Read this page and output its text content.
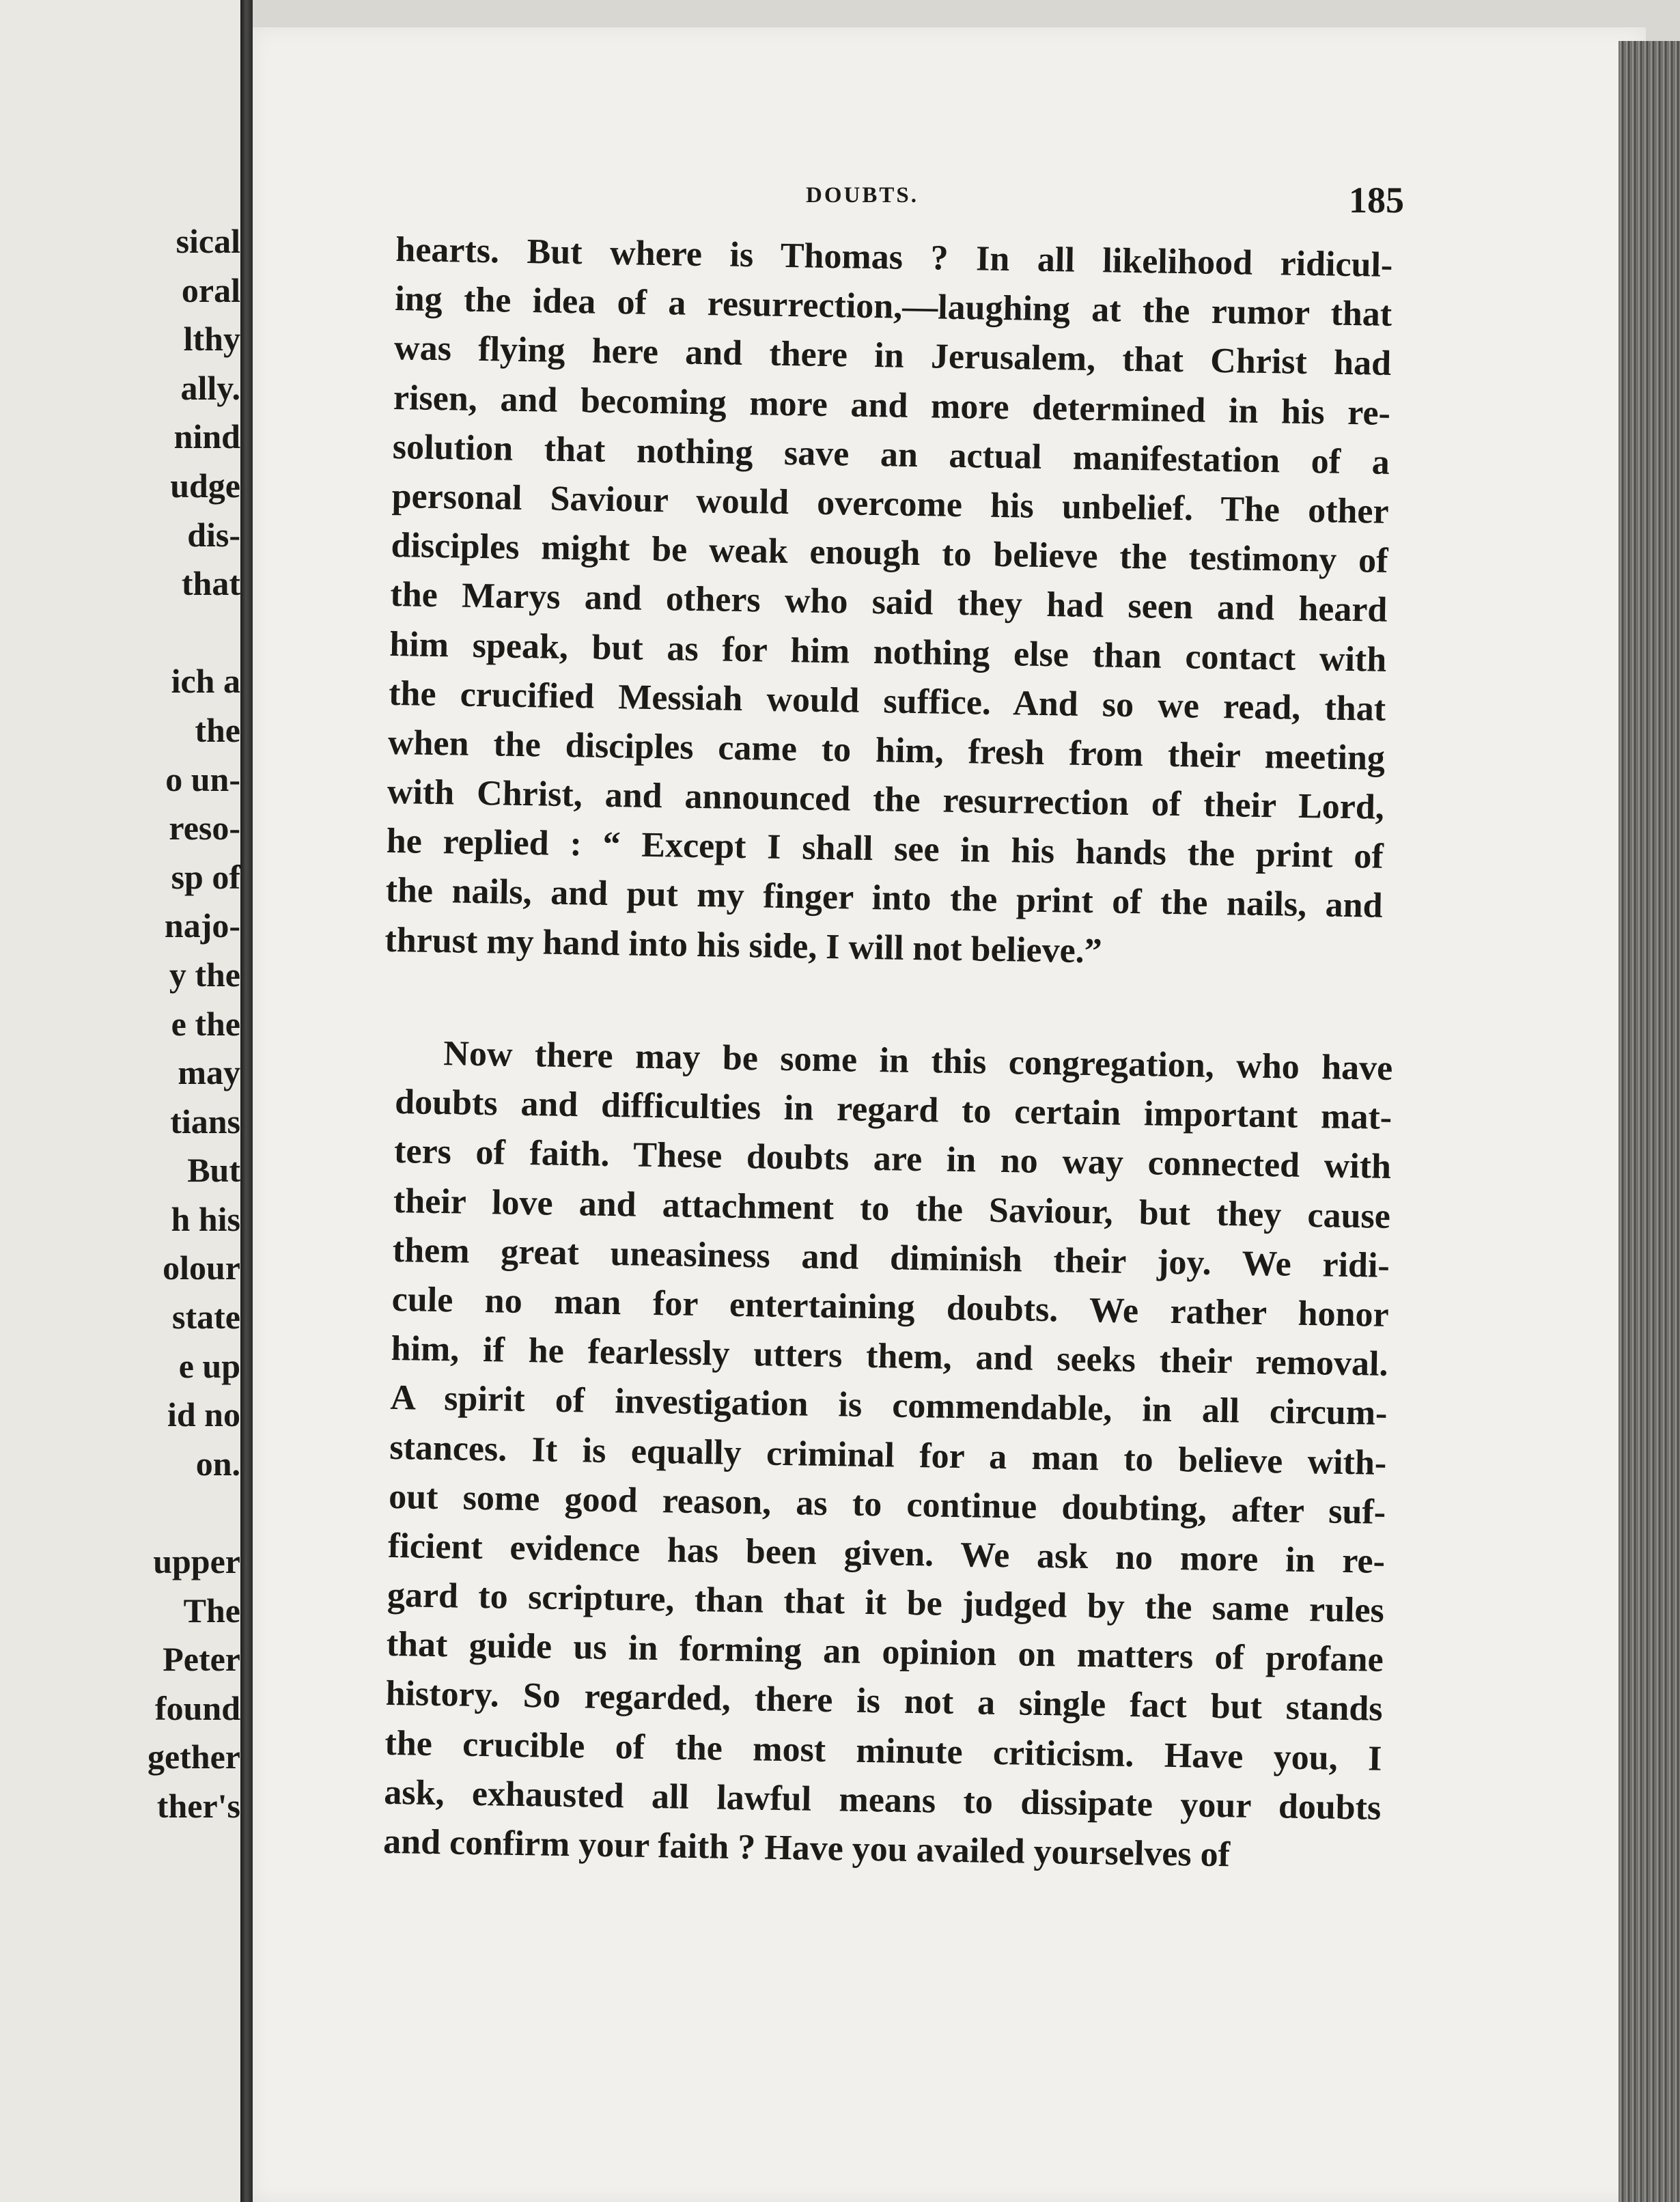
sical
oral
lthy
ally.
nind
udge
dis-
that
ich a
the
o un-
reso-
sp of
najo-
y the
e the
may
tians
But
h his
olour
state
e up
id no
on.
upper
The
Peter
found
gether
ther's
DOUBTS.	185
hearts. But where is Thomas ? In all likelihood ridicul-
ing the idea of a resurrection,—laughing at the rumor that
was flying here and there in Jerusalem, that Christ had
risen, and becoming more and more determined in his re-
solution that nothing save an actual manifestation of a
personal Saviour would overcome his unbelief. The other
disciples might be weak enough to believe the testimony of
the Marys and others who said they had seen and heard
him speak, but as for him nothing else than contact with
the crucified Messiah would suffice. And so we read, that
when the disciples came to him, fresh from their meeting
with Christ, and announced the resurrection of their Lord,
he replied : “ Except I shall see in his hands the print of
the nails, and put my finger into the print of the nails, and
thrust my hand into his side, I will not believe.”
Now there may be some in this congregation, who have
doubts and difficulties in regard to certain important mat-
ters of faith. These doubts are in no way connected with
their love and attachment to the Saviour, but they cause
them great uneasiness and diminish their joy. We ridi-
cule no man for entertaining doubts. We rather honor
him, if he fearlessly utters them, and seeks their removal.
A spirit of investigation is commendable, in all circum-
stances. It is equally criminal for a man to believe with-
out some good reason, as to continue doubting, after suf-
ficient evidence has been given. We ask no more in re-
gard to scripture, than that it be judged by the same rules
that guide us in forming an opinion on matters of profane
history. So regarded, there is not a single fact but stands
the crucible of the most minute criticism. Have you, I
ask, exhausted all lawful means to dissipate your doubts
and confirm your faith ? Have you availed yourselves of
